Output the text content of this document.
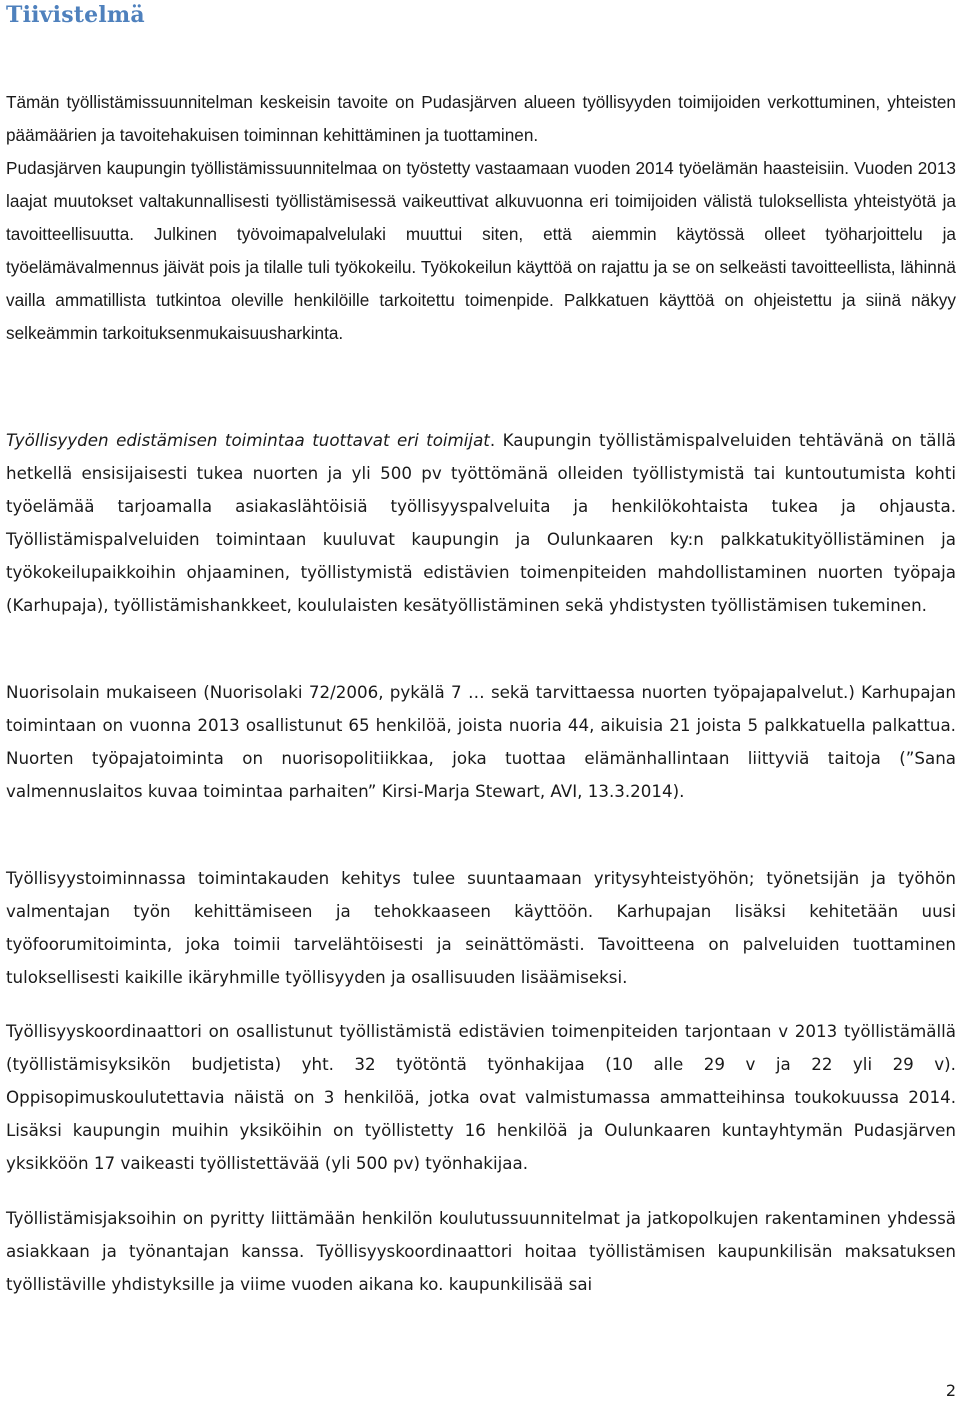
Tiivistelmä

Tämän työllistämissuunnitelman keskeisin tavoite on Pudasjärven alueen työllisyyden toimijoiden verkottuminen, yhteisten päämäärien ja tavoitehakuisen toiminnan kehittäminen ja tuottaminen.

Pudasjärven kaupungin työllistämissuunnitelmaa on työstetty vastaamaan vuoden 2014 työelämän haasteisiin. Vuoden 2013 laajat muutokset valtakunnallisesti työllistämisessä vaikeuttivat alkuvuonna eri toimijoiden välistä tuloksellista yhteistyötä ja tavoitteellisuutta. Julkinen työvoimapalvelulaki muuttui siten, että aiemmin käytössä olleet työharjoittelu ja työelämävalmennus jäivät pois ja tilalle tuli työkokeilu. Työkokeilun käyttöä on rajattu ja se on selkeästi tavoitteellista, lähinnä vailla ammatillista tutkintoa oleville henkilöille tarkoitettu toimenpide. Palkkatuen käyttöä on ohjeistettu ja siinä näkyy selkeämmin tarkoituksenmukaisuusharkinta.

Työllisyyden edistämisen toimintaa tuottavat eri toimijat. Kaupungin työllistämispalveluiden tehtävänä on tällä hetkellä ensisijaisesti tukea nuorten ja yli 500 pv työttömänä olleiden työllistymistä tai kuntoutumista kohti työelämää tarjoamalla asiakaslähtöisiä työllisyyspalveluita ja henkilökohtaista tukea ja ohjausta. Työllistämispalveluiden toimintaan kuuluvat kaupungin ja Oulunkaaren ky:n palkkatukityöllistäminen ja työkokeilupaikkoihin ohjaaminen, työllistymistä edistävien toimenpiteiden mahdollistaminen nuorten työpaja (Karhupaja), työllistämishankkeet, koululaisten kesätyöllistäminen sekä yhdistysten työllistämisen tukeminen.

Nuorisolain mukaiseen (Nuorisolaki 72/2006, pykälä 7 … sekä tarvittaessa nuorten työpajapalvelut.) Karhupajan toimintaan on vuonna 2013 osallistunut 65 henkilöä, joista nuoria 44, aikuisia 21 joista 5 palkkatuella palkattua. Nuorten työpajatoiminta on nuorisopolitiikkaa, joka tuottaa elämänhallintaan liittyviä taitoja (”Sana valmennuslaitos kuvaa toimintaa parhaiten” Kirsi-Marja Stewart, AVI, 13.3.2014).

Työllisyystoiminnassa toimintakauden kehitys tulee suuntaamaan yritysyhteistyöhön; työnetsijän ja työhön valmentajan työn kehittämiseen ja tehokkaaseen käyttöön. Karhupajan lisäksi kehitetään uusi työfoorumitoiminta, joka toimii tarvelähtöisesti ja seinättömästi. Tavoitteena on palveluiden tuottaminen tuloksellisesti kaikille ikäryhmille työllisyyden ja osallisuuden lisäämiseksi.

Työllisyyskoordinaattori on osallistunut työllistämistä edistävien toimenpiteiden tarjontaan v 2013 työllistämällä (työllistämisyksikön budjetista) yht. 32 työtöntä työnhakijaa (10 alle 29 v ja 22 yli 29 v). Oppisopimuskoulutettavia näistä on 3 henkilöä, jotka ovat valmistumassa ammatteihinsa toukokuussa 2014. Lisäksi kaupungin muihin yksiköihin on työllistetty 16 henkilöä ja Oulunkaaren kuntayhtymän Pudasjärven yksikköön 17 vaikeasti työllistettävää (yli 500 pv) työnhakijaa.

Työllistämisjaksoihin on pyritty liittämään henkilön koulutussuunnitelmat ja jatkopolkujen rakentaminen yhdessä asiakkaan ja työnantajan kanssa. Työllisyyskoordinaattori hoitaa työllistämisen kaupunkilisän maksatuksen työllistäville yhdistyksille ja viime vuoden aikana ko. kaupunkilisää sai

2
